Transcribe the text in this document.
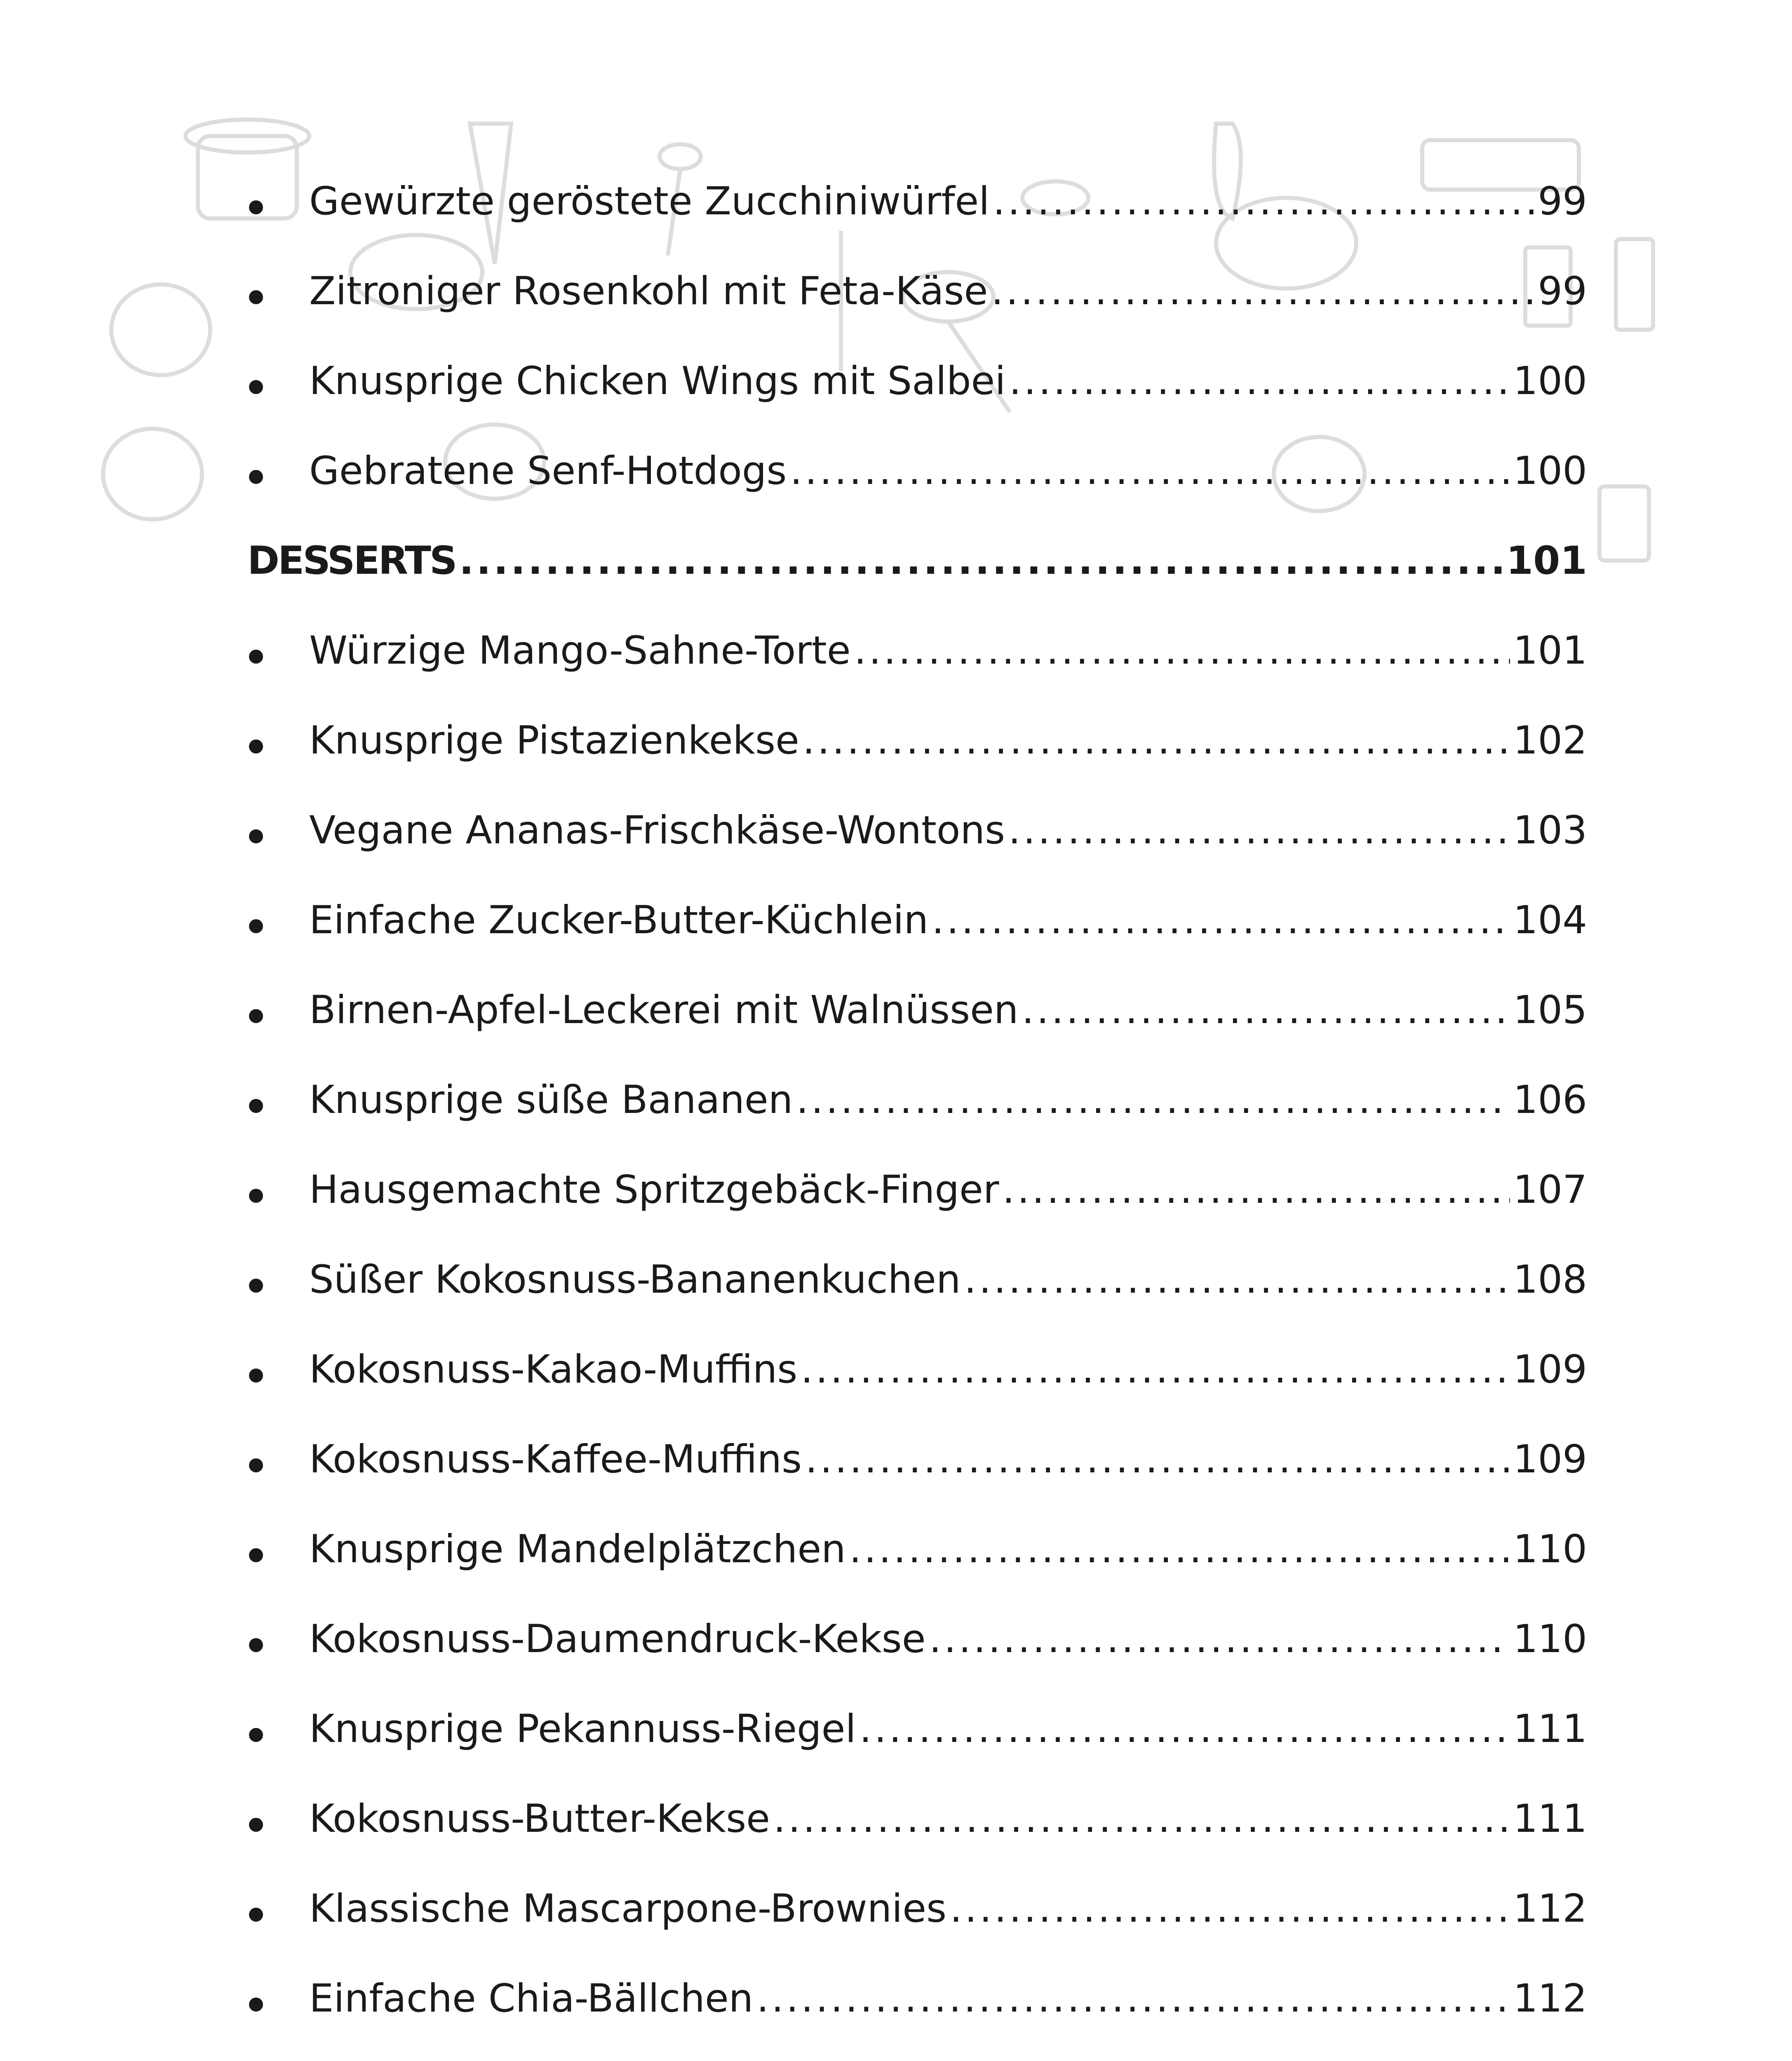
Gewürzte geröstete Zucchiniwürfel .....	99
Zitroniger Rosenkohl mit Feta-Käse .....	99
Knusprige Chicken Wings mit Salbei .....	100
Gebratene Senf-Hotdogs .....	100
DESSERTS .....	101
Würzige Mango-Sahne-Torte .....	101
Knusprige Pistazienkekse .....	102
Vegane Ananas-Frischkäse-Wontons .....	103
Einfache Zucker-Butter-Küchlein .....	104
Birnen-Apfel-Leckerei mit Walnüssen .....	105
Knusprige süße Bananen .....	106
Hausgemachte Spritzgebäck-Finger .....	107
Süßer Kokosnuss-Bananenkuchen .....	108
Kokosnuss-Kakao-Muffins .....	109
Kokosnuss-Kaffee-Muffins .....	109
Knusprige Mandelplätzchen .....	110
Kokosnuss-Daumendruck-Kekse .....	110
Knusprige Pekannuss-Riegel .....	111
Kokosnuss-Butter-Kekse .....	111
Klassische Mascarpone-Brownies .....	112
Einfache Chia-Bällchen .....	112
.....
